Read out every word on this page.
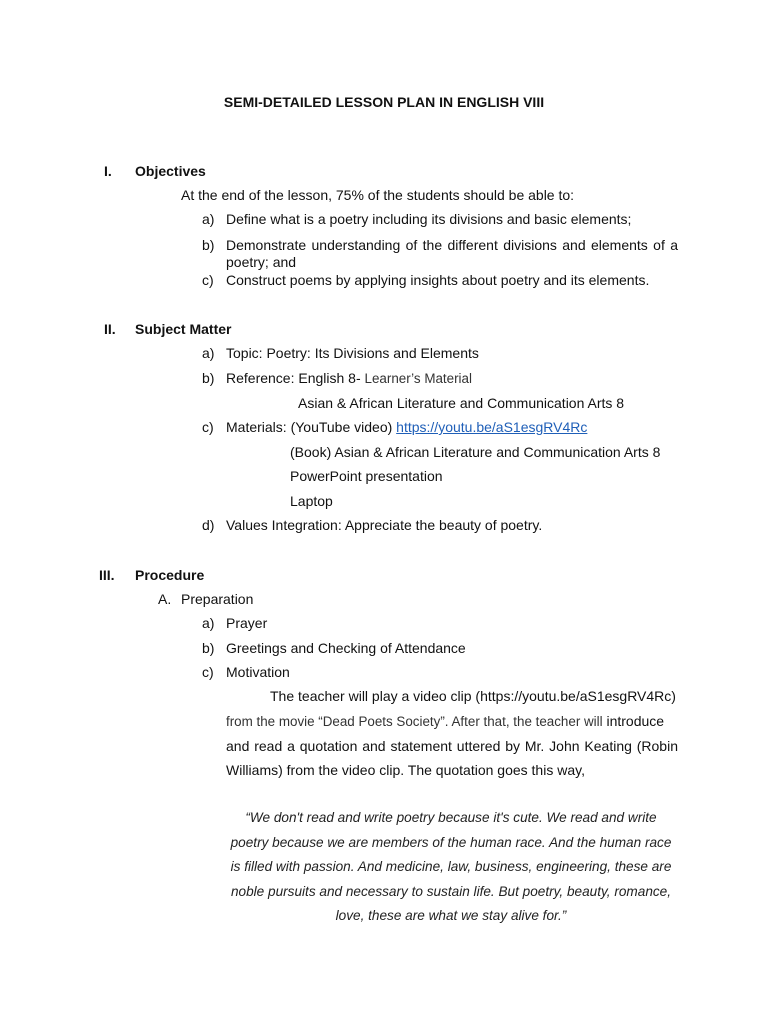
SEMI-DETAILED LESSON PLAN IN ENGLISH VIII
I. Objectives
At the end of the lesson, 75% of the students should be able to:
a) Define what is a poetry including its divisions and basic elements;
b) Demonstrate understanding of the different divisions and elements of a
poetry; and
c) Construct poems by applying insights about poetry and its elements.
II. Subject Matter
a) Topic: Poetry: Its Divisions and Elements
b) Reference: English 8- Learner’s Material
Asian & African Literature and Communication Arts 8
c) Materials: (YouTube video) https://youtu.be/aS1esgRV4Rc
(Book) Asian & African Literature and Communication Arts 8
PowerPoint presentation
Laptop
d) Values Integration: Appreciate the beauty of poetry.
III. Procedure
A. Preparation
a) Prayer
b) Greetings and Checking of Attendance
c) Motivation
The teacher will play a video clip (https://youtu.be/aS1esgRV4Rc)
from the movie “Dead Poets Society”. After that, the teacher will introduce
and read a quotation and statement uttered by Mr. John Keating (Robin
Williams) from the video clip. The quotation goes this way,
“We don't read and write poetry because it's cute. We read and write
poetry because we are members of the human race. And the human race
is filled with passion. And medicine, law, business, engineering, these are
noble pursuits and necessary to sustain life. But poetry, beauty, romance,
love, these are what we stay alive for.”
